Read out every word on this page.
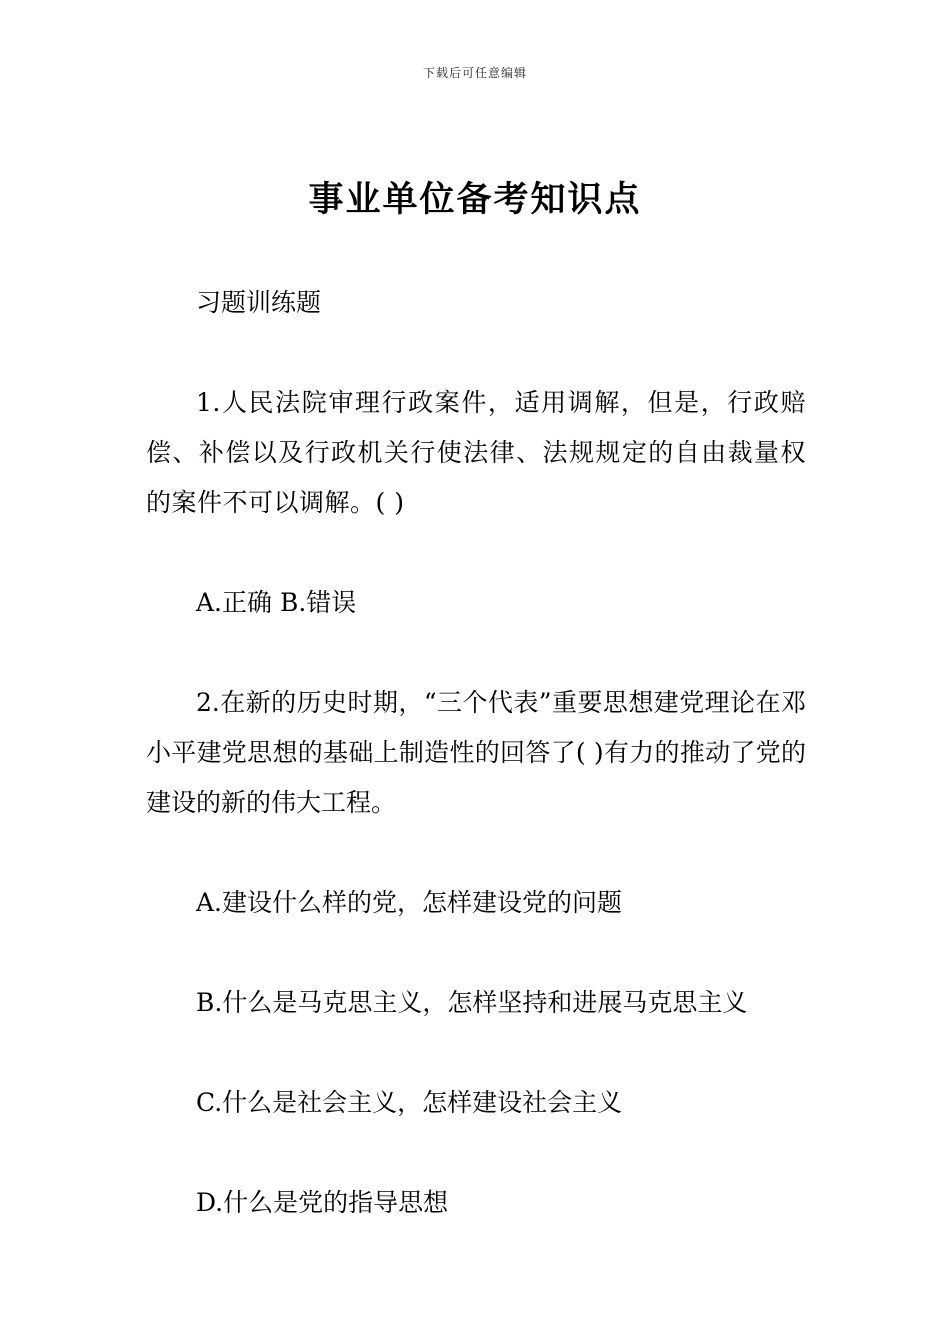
下载后可任意编辑
事业单位备考知识点

习题训练题

1.人民法院审理行政案件，适用调解，但是，行政赔偿、补偿以及行政机关行使法律、法规规定的自由裁量权的案件不可以调解。( )

A.正确 B.错误

2.在新的历史时期，“三个代表”重要思想建党理论在邓小平建党思想的基础上制造性的回答了( )有力的推动了党的建设的新的伟大工程。

A.建设什么样的党，怎样建设党的问题

B.什么是马克思主义，怎样坚持和进展马克思主义

C.什么是社会主义，怎样建设社会主义

D.什么是党的指导思想
